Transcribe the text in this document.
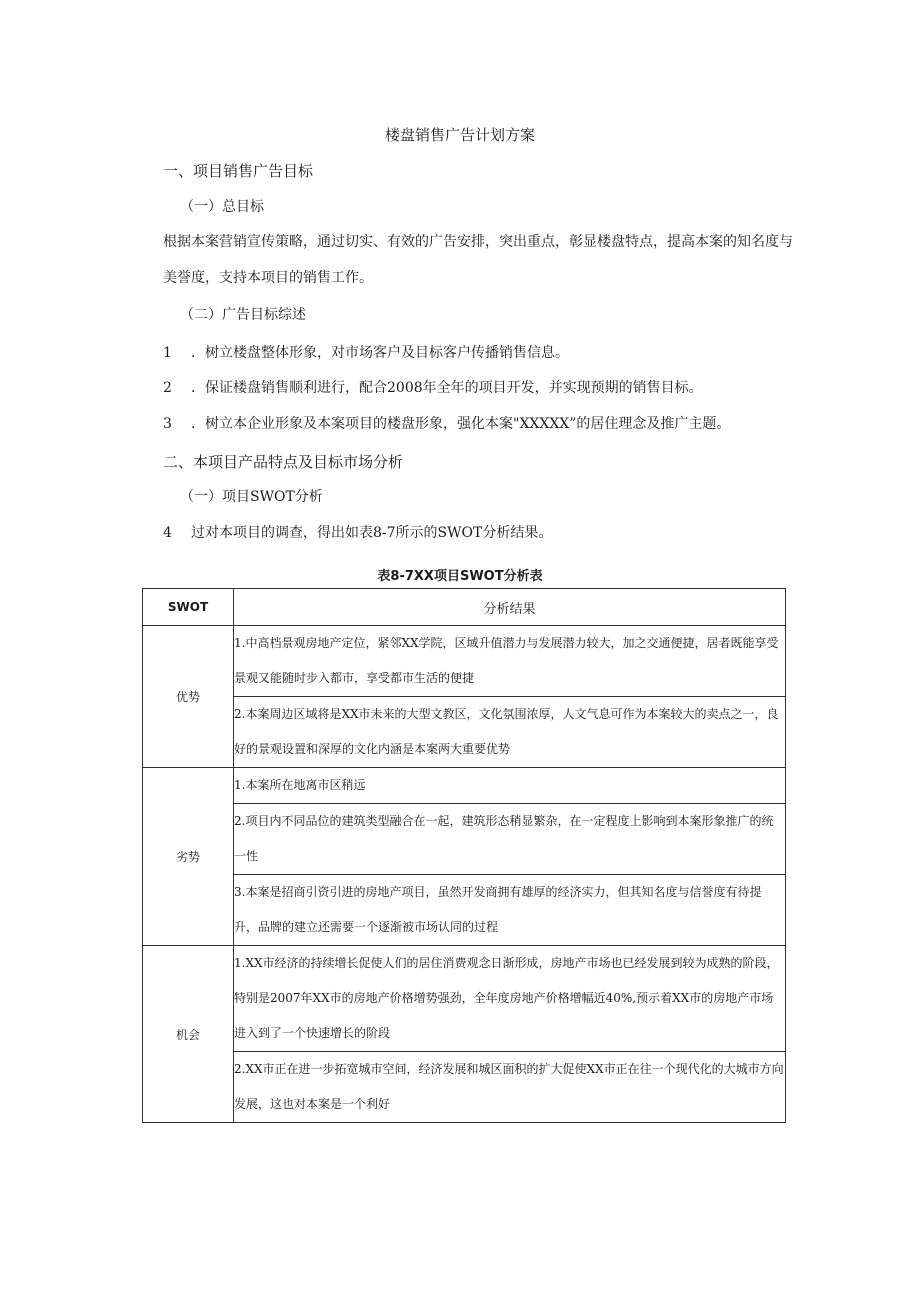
楼盘销售广告计划方案
一、项目销售广告目标
（一）总目标
根据本案营销宣传策略，通过切实、有效的广告安排，突出重点，彰显楼盘特点，提高本案的知名度与美誉度，支持本项目的销售工作。
（二）广告目标综述
1 ．树立楼盘整体形象，对市场客户及目标客户传播销售信息。
2 ．保证楼盘销售顺利进行，配合2008年全年的项目开发，并实现预期的销售目标。
3 ．树立本企业形象及本案项目的楼盘形象，强化本案"XXXXX”的居住理念及推广主题。
二、本项目产品特点及目标市场分析
（一）项目SWOT分析
4 过对本项目的调查，得出如表8-7所示的SWOT分析结果。
表8-7XX项目SWOT分析表
SWOT	分析结果
优势	1.中高档景观房地产定位，紧邻XX学院，区域升值潜力与发展潜力较大，加之交通便捷，居者既能享受景观又能随时步入都市，享受都市生活的便捷
	2.本案周边区域将是XX市未来的大型文教区，文化氛围浓厚，人文气息可作为本案较大的卖点之一，良好的景观设置和深厚的文化内涵是本案两大重要优势
劣势	1.本案所在地离市区稍远
	2.项目内不同品位的建筑类型融合在一起，建筑形态稍显繁杂，在一定程度上影响到本案形象推广的统一性
	3.本案是招商引资引进的房地产项目，虽然开发商拥有雄厚的经济实力，但其知名度与信誉度有待提升，品牌的建立还需要一个逐渐被市场认同的过程
机会	1.XX市经济的持续增长促使人们的居住消费观念日渐形成，房地产市场也已经发展到较为成熟的阶段，特别是2007年XX市的房地产价格增势强劲，全年度房地产价格增幅近40%,预示着XX市的房地产市场进入到了一个快速增长的阶段
	2.XX市正在进一步拓宽城市空间，经济发展和城区面积的扩大促使XX市正在往一个现代化的大城市方向发展，这也对本案是一个利好
